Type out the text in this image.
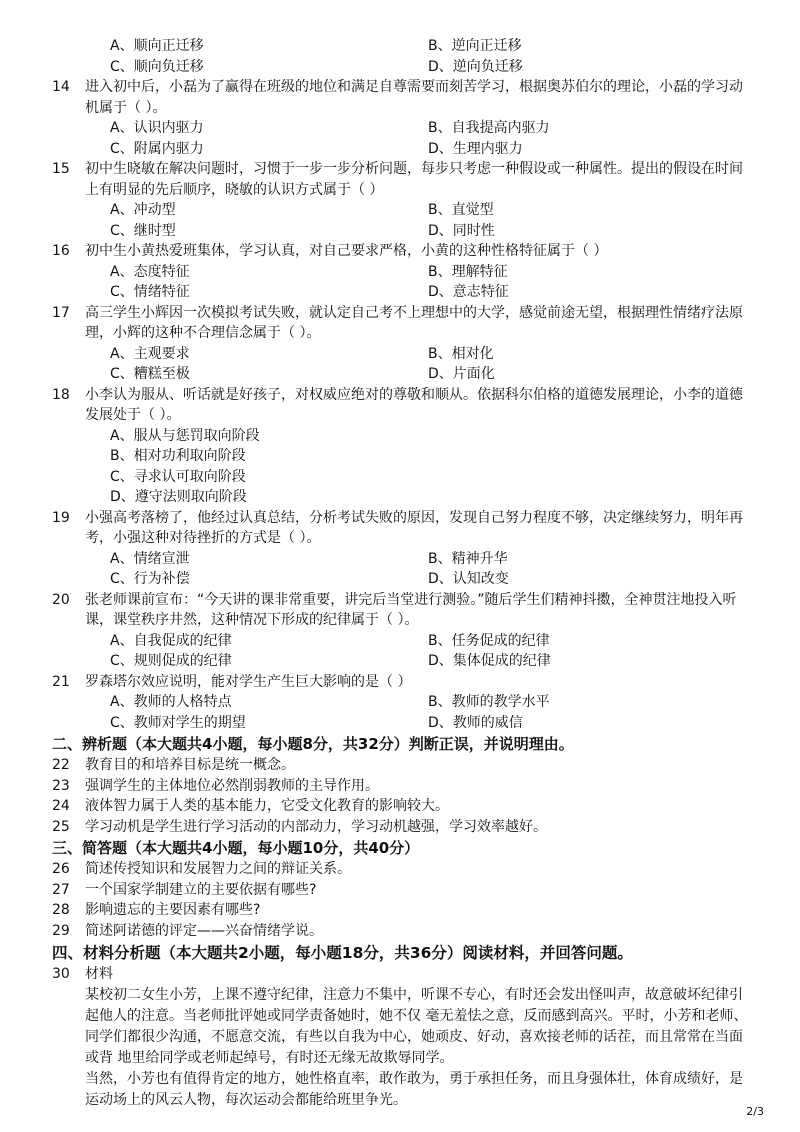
A、顺向正迁移	B、逆向正迁移
C、顺向负迁移	D、逆向负迁移
14	进入初中后，小磊为了赢得在班级的地位和满足自尊需要而刻苦学习，根据奥苏伯尔的理论，小磊的学习动机属于（ ）。
A、认识内驱力	B、自我提高内驱力
C、附属内驱力	D、生理内驱力
15	初中生晓敏在解决问题时，习惯于一步一步分析问题，每步只考虑一种假设或一种属性。提出的假设在时间上有明显的先后顺序，晓敏的认识方式属于（ ）
A、冲动型	B、直觉型
C、继时型	D、同时性
16	初中生小黄热爱班集体，学习认真，对自己要求严格，小黄的这种性格特征属于（ ）
A、态度特征	B、理解特征
C、情绪特征	D、意志特征
17	高三学生小辉因一次模拟考试失败，就认定自己考不上理想中的大学，感觉前途无望，根据理性情绪疗法原理，小辉的这种不合理信念属于（ ）。
A、主观要求	B、相对化
C、糟糕至极	D、片面化
18	小李认为服从、听话就是好孩子，对权威应绝对的尊敬和顺从。依据科尔伯格的道德发展理论，小李的道德发展处于（ ）。
A、服从与惩罚取向阶段
B、相对功利取向阶段
C、寻求认可取向阶段
D、遵守法则取向阶段
19	小强高考落榜了，他经过认真总结，分析考试失败的原因，发现自己努力程度不够，决定继续努力，明年再考，小强这种对待挫折的方式是（ ）。
A、情绪宣泄	B、精神升华
C、行为补偿	D、认知改变
20	张老师课前宣布：“今天讲的课非常重要，讲完后当堂进行测验。”随后学生们精神抖擞，全神贯注地投入听课，课堂秩序井然，这种情况下形成的纪律属于（ ）。
A、自我促成的纪律	B、任务促成的纪律
C、规则促成的纪律	D、集体促成的纪律
21	罗森塔尔效应说明，能对学生产生巨大影响的是（ ）
A、教师的人格特点	B、教师的教学水平
C、教师对学生的期望	D、教师的威信
二、辨析题（本大题共4小题，每小题8分，共32分）判断正误，并说明理由。
22	教育目的和培养目标是统一概念。
23	强调学生的主体地位必然削弱教师的主导作用。
24	液体智力属于人类的基本能力，它受文化教育的影响较大。
25	学习动机是学生进行学习活动的内部动力，学习动机越强，学习效率越好。
三、简答题（本大题共4小题，每小题10分，共40分）
26	简述传授知识和发展智力之间的辩证关系。
27	一个国家学制建立的主要依据有哪些?
28	影响遗忘的主要因素有哪些?
29	简述阿诺德的评定——兴奋情绪学说。
四、材料分析题（本大题共2小题，每小题18分，共36分）阅读材料，并回答问题。
30	材料
某校初二女生小芳，上课不遵守纪律，注意力不集中，听课不专心，有时还会发出怪叫声，故意破坏纪律引起他人的注意。当老师批评她或同学责备她时，她不仅 毫无羞怯之意，反而感到高兴。平时，小芳和老师、同学们都很少沟通，不愿意交流，有些以自我为中心，她顽皮、好动，喜欢接老师的话茬，而且常常在当面或背 地里给同学或老师起绰号，有时还无缘无故欺辱同学。
当然，小芳也有值得肯定的地方，她性格直率，敢作敢为，勇于承担任务，而且身强体壮，体育成绩好，是运动场上的风云人物，每次运动会都能给班里争光。
2/3
